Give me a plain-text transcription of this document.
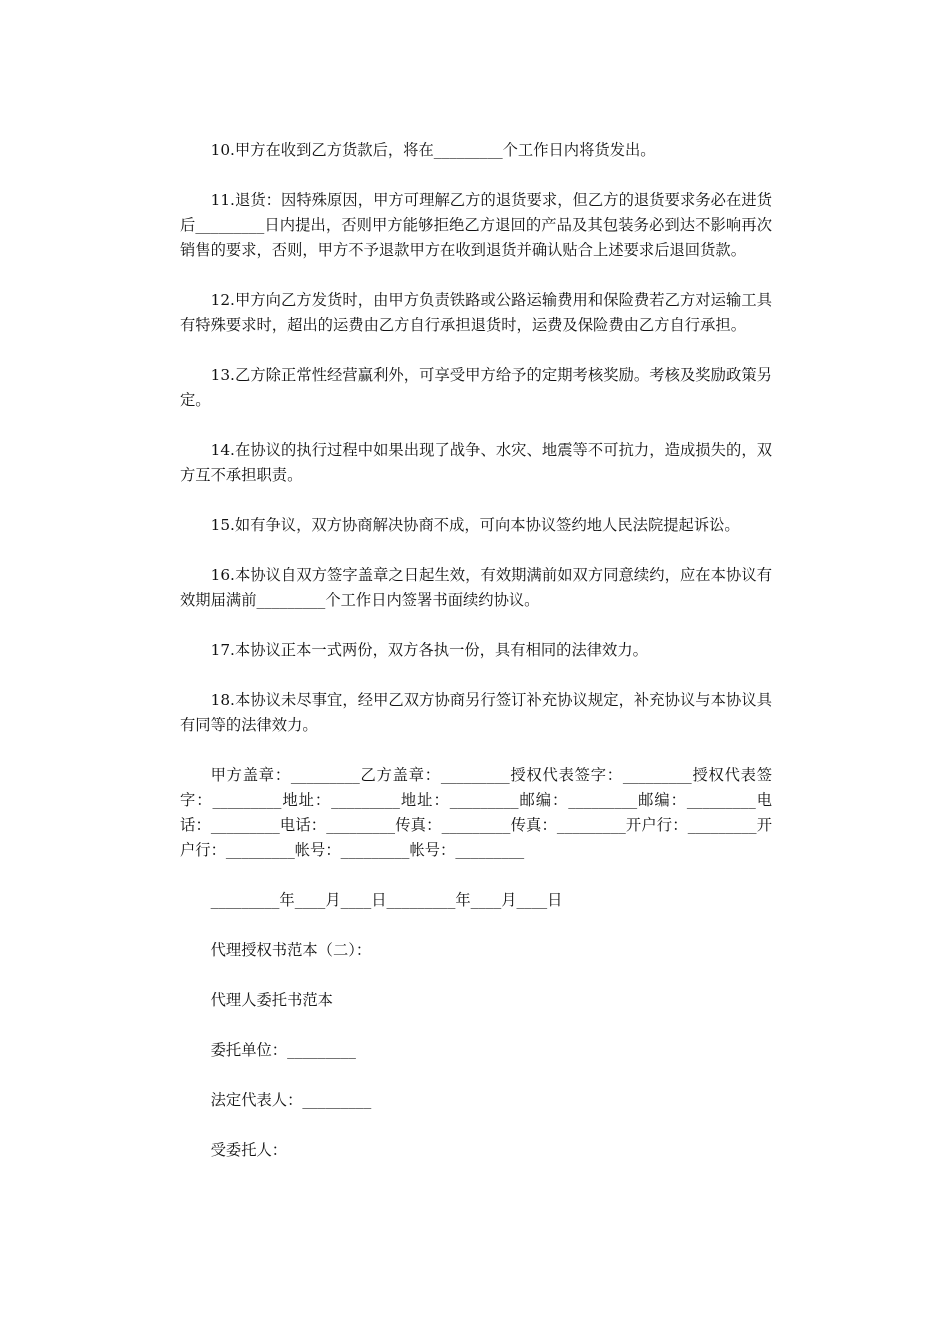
10.甲方在收到乙方货款后，将在_________个工作日内将货发出。

11.退货：因特殊原因，甲方可理解乙方的退货要求，但乙方的退货要求务必在进货后_________日内提出，否则甲方能够拒绝乙方退回的产品及其包装务必到达不影响再次销售的要求，否则，甲方不予退款甲方在收到退货并确认贴合上述要求后退回货款。

12.甲方向乙方发货时，由甲方负责铁路或公路运输费用和保险费若乙方对运输工具有特殊要求时，超出的运费由乙方自行承担退货时，运费及保险费由乙方自行承担。

13.乙方除正常性经营赢利外，可享受甲方给予的定期考核奖励。考核及奖励政策另定。

14.在协议的执行过程中如果出现了战争、水灾、地震等不可抗力，造成损失的，双方互不承担职责。

15.如有争议，双方协商解决协商不成，可向本协议签约地人民法院提起诉讼。

16.本协议自双方签字盖章之日起生效，有效期满前如双方同意续约，应在本协议有效期届满前_________个工作日内签署书面续约协议。

17.本协议正本一式两份，双方各执一份，具有相同的法律效力。

18.本协议未尽事宜，经甲乙双方协商另行签订补充协议规定，补充协议与本协议具有同等的法律效力。

甲方盖章：_________乙方盖章：_________授权代表签字：_________授权代表签字：_________地址：_________地址：_________邮编：_________邮编：_________电话：_________电话：_________传真：_________传真：_________开户行：_________开户行：_________帐号：_________帐号：_________

_________年____月____日_________年____月____日

代理授权书范本（二）：

代理人委托书范本

委托单位：_________

法定代表人：_________

受委托人：
